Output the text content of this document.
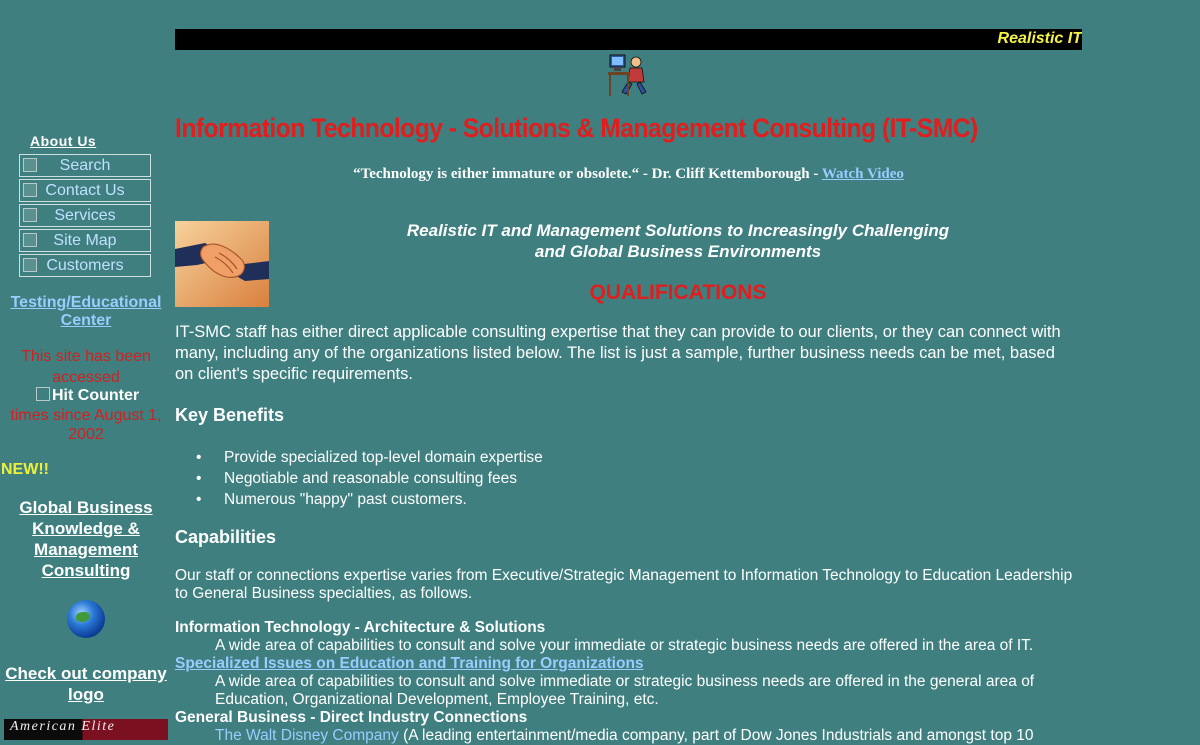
About Us
Search
Contact Us
Services
Site Map
Customers
Testing/Educational Center
This site has been accessed
Hit Counter
times since August 1, 2002
NEW!!
Global Business Knowledge & Management Consulting
Check out company logo
American Elite
Realistic IT
Information Technology - Solutions & Management Consulting (IT-SMC)
“Technology is either immature or obsolete.“ - Dr. Cliff Kettemborough - Watch Video
Realistic IT and Management Solutions to Increasingly Challenging
and Global Business Environments
QUALIFICATIONS
IT-SMC staff has either direct applicable consulting expertise that they can provide to our clients, or they can connect with many, including any of the organizations listed below. The list is just a sample, further business needs can be met, based on client's specific requirements.
Key Benefits
• Provide specialized top-level domain expertise
• Negotiable and reasonable consulting fees
• Numerous "happy" past customers.
Capabilities
Our staff or connections expertise varies from Executive/Strategic Management to Information Technology to Education Leadership to General Business specialties, as follows.
Information Technology - Architecture & Solutions
A wide area of capabilities to consult and solve your immediate or strategic business needs are offered in the area of IT.
Specialized Issues on Education and Training for Organizations
A wide area of capabilities to consult and solve immediate or strategic business needs are offered in the general area of Education, Organizational Development, Employee Training, etc.
General Business - Direct Industry Connections
The Walt Disney Company (A leading entertainment/media company, part of Dow Jones Industrials and amongst top 10
